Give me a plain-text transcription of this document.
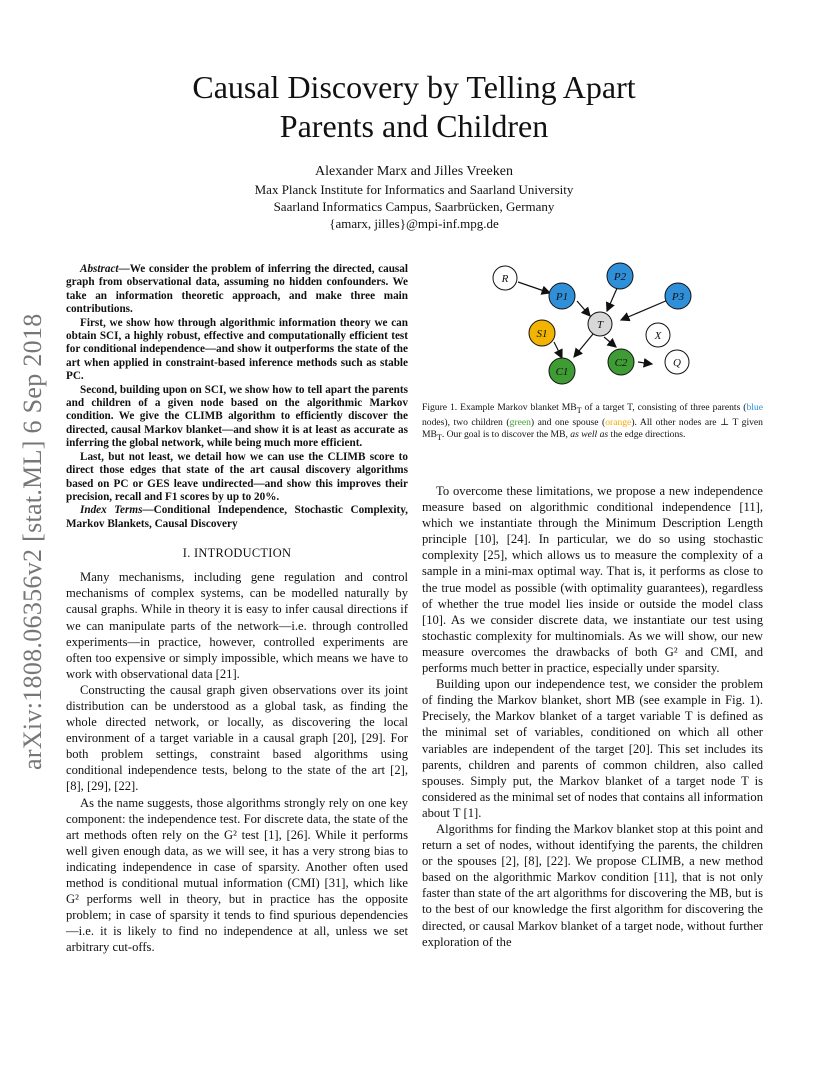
arXiv:1808.06356v2 [stat.ML] 6 Sep 2018
Causal Discovery by Telling Apart
Parents and Children
Alexander Marx and Jilles Vreeken
Max Planck Institute for Informatics and Saarland University
Saarland Informatics Campus, Saarbrücken, Germany
{amarx, jilles}@mpi-inf.mpg.de

Abstract—We consider the problem of inferring the directed, causal graph from observational data, assuming no hidden confounders. We take an information theoretic approach, and make three main contributions.

First, we show how through algorithmic information theory we can obtain SCI, a highly robust, effective and computationally efficient test for conditional independence—and show it outperforms the state of the art when applied in constraint-based inference methods such as stable PC.

Second, building upon on SCI, we show how to tell apart the parents and children of a given node based on the algorithmic Markov condition. We give the CLIMB algorithm to efficiently discover the directed, causal Markov blanket—and show it is at least as accurate as inferring the global network, while being much more efficient.

Last, but not least, we detail how we can use the CLIMB score to direct those edges that state of the art causal discovery algorithms based on PC or GES leave undirected—and show this improves their precision, recall and F1 scores by up to 20%.

Index Terms—Conditional Independence, Stochastic Complexity, Markov Blankets, Causal Discovery

I. INTRODUCTION

Many mechanisms, including gene regulation and control mechanisms of complex systems, can be modelled naturally by causal graphs. While in theory it is easy to infer causal directions if we can manipulate parts of the network—i.e. through controlled experiments—in practice, however, controlled experiments are often too expensive or simply impossible, which means we have to work with observational data [21].

Constructing the causal graph given observations over its joint distribution can be understood as a global task, as finding the whole directed network, or locally, as discovering the local environment of a target variable in a causal graph [20], [29]. For both problem settings, constraint based algorithms using conditional independence tests, belong to the state of the art [2], [8], [29], [22].

As the name suggests, those algorithms strongly rely on one key component: the independence test. For discrete data, the state of the art methods often rely on the G² test [1], [26]. While it performs well given enough data, as we will see, it has a very strong bias to indicating independence in case of sparsity. Another often used method is conditional mutual information (CMI) [31], which like G² performs well in theory, but in practice has the opposite problem; in case of sparsity it tends to find spurious dependencies—i.e. it is likely to find no independence at all, unless we set arbitrary cut-offs.

R
P1
P2
P3
T
S1	X
C1
C2	Q
Figure 1. Example Markov blanket $MB_T$ of a target T, consisting of three parents (blue nodes), two children (green) and one spouse (orange). All other nodes are ⊥ T given $MB_T$. Our goal is to discover the MB, as well as the edge directions.

To overcome these limitations, we propose a new independence measure based on algorithmic conditional independence [11], which we instantiate through the Minimum Description Length principle [10], [24]. In particular, we do so using stochastic complexity [25], which allows us to measure the complexity of a sample in a mini-max optimal way. That is, it performs as close to the true model as possible (with optimality guarantees), regardless of whether the true model lies inside or outside the model class [10]. As we consider discrete data, we instantiate our test using stochastic complexity for multinomials. As we will show, our new measure overcomes the drawbacks of both G² and CMI, and performs much better in practice, especially under sparsity.

Building upon our independence test, we consider the problem of finding the Markov blanket, short MB (see example in Fig. 1). Precisely, the Markov blanket of a target variable T is defined as the minimal set of variables, conditioned on which all other variables are independent of the target [20]. This set includes its parents, children and parents of common children, also called spouses. Simply put, the Markov blanket of a target node T is considered as the minimal set of nodes that contains all information about T [1].

Algorithms for finding the Markov blanket stop at this point and return a set of nodes, without identifying the parents, the children or the spouses [2], [8], [22]. We propose CLIMB, a new method based on the algorithmic Markov condition [11], that is not only faster than state of the art algorithms for discovering the MB, but is to the best of our knowledge the first algorithm for discovering the directed, or causal Markov blanket of a target node, without further exploration of the
